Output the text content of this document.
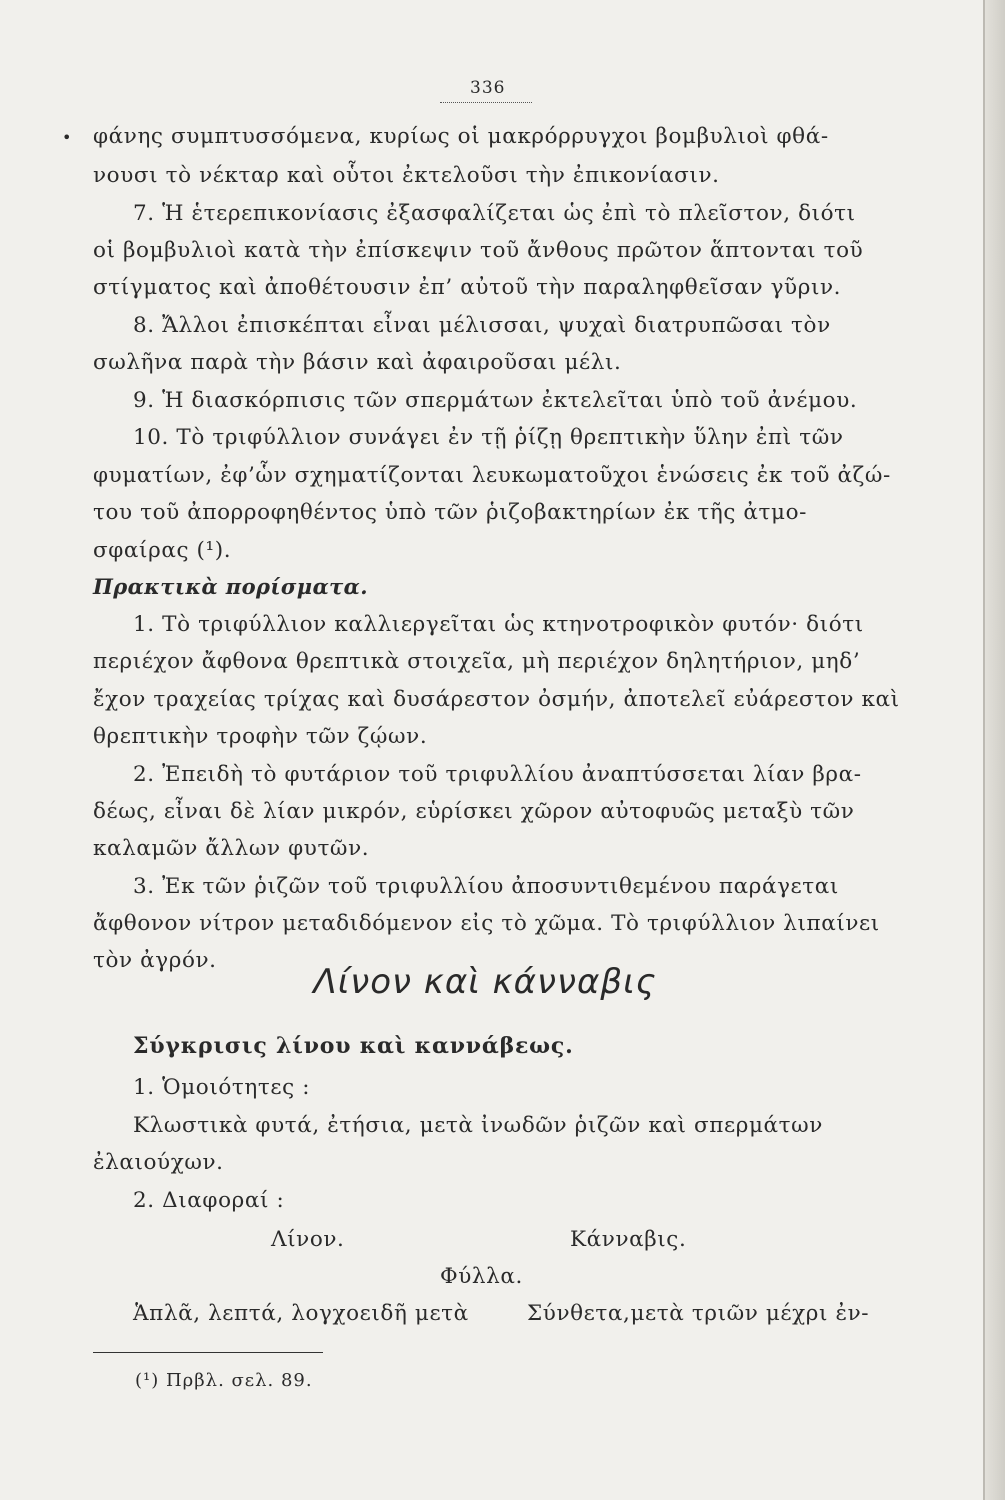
336
• φάνης συμπτυσσόμενα, κυρίως οἱ μακρόρρυγχοι βομβυλιοὶ φθά-
νουσι τὸ νέκταρ καὶ οὗτοι ἐκτελοῦσι τὴν ἐπικονίασιν.
7. Ἡ ἑτερεπικονίασις ἐξασφαλίζεται ὡς ἐπὶ τὸ πλεῖστον, διότι
οἱ βομβυλιοὶ κατὰ τὴν ἐπίσκεψιν τοῦ ἄνθους πρῶτον ἅπτονται τοῦ
στίγματος καὶ ἀποθέτουσιν ἐπ’ αὐτοῦ τὴν παραληφθεῖσαν γῦριν.
8. Ἄλλοι ἐπισκέπται εἶναι μέλισσαι, ψυχαὶ διατρυπῶσαι τὸν
σωλῆνα παρὰ τὴν βάσιν καὶ ἀφαιροῦσαι μέλι.
9. Ἡ διασκόρπισις τῶν σπερμάτων ἐκτελεῖται ὑπὸ τοῦ ἀνέμου.
10. Τὸ τριφύλλιον συνάγει ἐν τῇ ῥίζῃ θρεπτικὴν ὕλην ἐπὶ τῶν
φυματίων, ἐφ’ὧν σχηματίζονται λευκωματοῦχοι ἑνώσεις ἐκ τοῦ ἀζώ-
του τοῦ ἀπορροφηθέντος ὑπὸ τῶν ῥιζοβακτηρίων ἐκ τῆς ἀτμο-
σφαίρας (¹).
Πρακτικὰ πορίσματα.
1. Τὸ τριφύλλιον καλλιεργεῖται ὡς κτηνοτροφικὸν φυτόν· διότι
περιέχον ἄφθονα θρεπτικὰ στοιχεῖα, μὴ περιέχον δηλητήριον, μηδ’
ἔχον τραχείας τρίχας καὶ δυσάρεστον ὀσμήν, ἀποτελεῖ εὐάρεστον καὶ
θρεπτικὴν τροφὴν τῶν ζῴων.
2. Ἐπειδὴ τὸ φυτάριον τοῦ τριφυλλίου ἀναπτύσσεται λίαν βρα-
δέως, εἶναι δὲ λίαν μικρόν, εὑρίσκει χῶρον αὐτοφυῶς μεταξὺ τῶν
καλαμῶν ἄλλων φυτῶν.
3. Ἐκ τῶν ῥιζῶν τοῦ τριφυλλίου ἀποσυντιθεμένου παράγεται
ἄφθονον νίτρον μεταδιδόμενον εἰς τὸ χῶμα. Τὸ τριφύλλιον λιπαίνει
τὸν ἀγρόν.
Λίνον καὶ κάνναβις
Σύγκρισις λίνου καὶ καννάβεως.
1. Ὁμοιότητες :
Κλωστικὰ φυτά, ἐτήσια, μετὰ ἰνωδῶν ῥιζῶν καὶ σπερμάτων
ἐλαιούχων.
2. Διαφοραί :
Λίνον.	Κάνναβις.
Φύλλα.
Ἁπλᾶ, λεπτά, λογχοειδῆ μετὰ	Σύνθετα,μετὰ τριῶν μέχρι ἐν-
(¹) Πρβλ. σελ. 89.
